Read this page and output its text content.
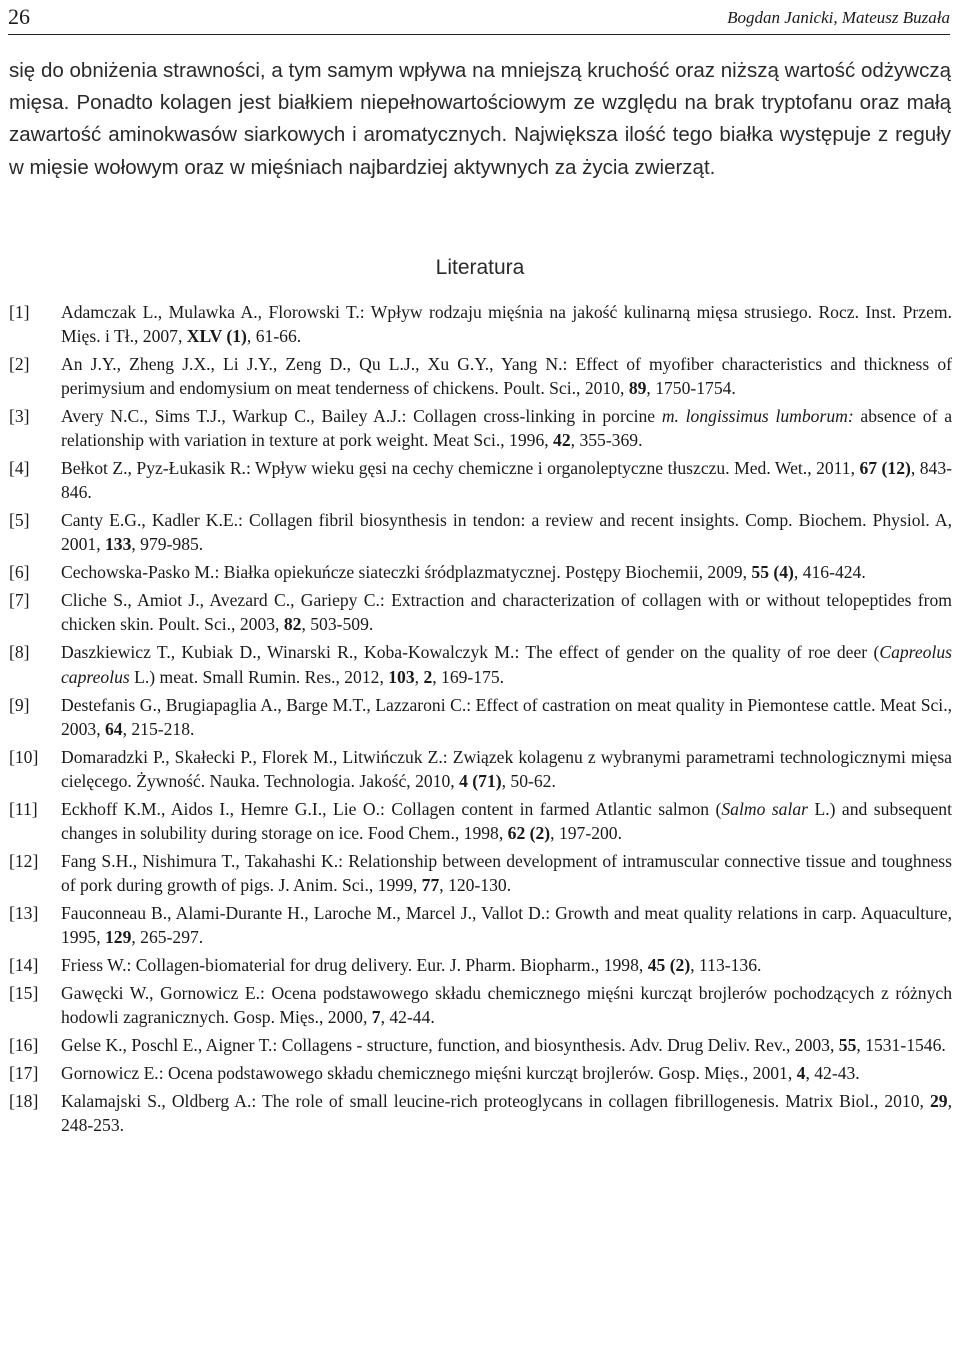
26	Bogdan Janicki, Mateusz Buzała
się do obniżenia strawności, a tym samym wpływa na mniejszą kruchość oraz niższą wartość odżywczą mięsa. Ponadto kolagen jest białkiem niepełnowartościowym ze względu na brak tryptofanu oraz małą zawartość aminokwasów siarkowych i aromatycznych. Największa ilość tego białka występuje z reguły w mięsie wołowym oraz w mięśniach najbardziej aktywnych za życia zwierząt.
Literatura
[1]	Adamczak L., Mulawka A., Florowski T.: Wpływ rodzaju mięśnia na jakość kulinarną mięsa strusiego. Rocz. Inst. Przem. Mięs. i Tł., 2007, XLV (1), 61-66.
[2]	An J.Y., Zheng J.X., Li J.Y., Zeng D., Qu L.J., Xu G.Y., Yang N.: Effect of myofiber characteristics and thickness of perimysium and endomysium on meat tenderness of chickens. Poult. Sci., 2010, 89, 1750-1754.
[3]	Avery N.C., Sims T.J., Warkup C., Bailey A.J.: Collagen cross-linking in porcine m. longissimus lumborum: absence of a relationship with variation in texture at pork weight. Meat Sci., 1996, 42, 355-369.
[4]	Bełkot Z., Pyz-Łukasik R.: Wpływ wieku gęsi na cechy chemiczne i organoleptyczne tłuszczu. Med. Wet., 2011, 67 (12), 843-846.
[5]	Canty E.G., Kadler K.E.: Collagen fibril biosynthesis in tendon: a review and recent insights. Comp. Biochem. Physiol. A, 2001, 133, 979-985.
[6]	Cechowska-Pasko M.: Białka opiekuńcze siateczki śródplazmatycznej. Postępy Biochemii, 2009, 55 (4), 416-424.
[7]	Cliche S., Amiot J., Avezard C., Gariepy C.: Extraction and characterization of collagen with or without telopeptides from chicken skin. Poult. Sci., 2003, 82, 503-509.
[8]	Daszkiewicz T., Kubiak D., Winarski R., Koba-Kowalczyk M.: The effect of gender on the quality of roe deer (Capreolus capreolus L.) meat. Small Rumin. Res., 2012, 103, 2, 169-175.
[9]	Destefanis G., Brugiapaglia A., Barge M.T., Lazzaroni C.: Effect of castration on meat quality in Piemontese cattle. Meat Sci., 2003, 64, 215-218.
[10]	Domaradzki P., Skałecki P., Florek M., Litwińczuk Z.: Związek kolagenu z wybranymi parametrami technologicznymi mięsa cielęcego. Żywność. Nauka. Technologia. Jakość, 2010, 4 (71), 50-62.
[11]	Eckhoff K.M., Aidos I., Hemre G.I., Lie O.: Collagen content in farmed Atlantic salmon (Salmo salar L.) and subsequent changes in solubility during storage on ice. Food Chem., 1998, 62 (2), 197-200.
[12]	Fang S.H., Nishimura T., Takahashi K.: Relationship between development of intramuscular connective tissue and toughness of pork during growth of pigs. J. Anim. Sci., 1999, 77, 120-130.
[13]	Fauconneau B., Alami-Durante H., Laroche M., Marcel J., Vallot D.: Growth and meat quality relations in carp. Aquaculture, 1995, 129, 265-297.
[14]	Friess W.: Collagen-biomaterial for drug delivery. Eur. J. Pharm. Biopharm., 1998, 45 (2), 113-136.
[15]	Gawęcki W., Gornowicz E.: Ocena podstawowego składu chemicznego mięśni kurcząt brojlerów pochodzących z różnych hodowli zagranicznych. Gosp. Mięs., 2000, 7, 42-44.
[16]	Gelse K., Poschl E., Aigner T.: Collagens - structure, function, and biosynthesis. Adv. Drug Deliv. Rev., 2003, 55, 1531-1546.
[17]	Gornowicz E.: Ocena podstawowego składu chemicznego mięśni kurcząt brojlerów. Gosp. Mięs., 2001, 4, 42-43.
[18]	Kalamajski S., Oldberg A.: The role of small leucine-rich proteoglycans in collagen fibrillogenesis. Matrix Biol., 2010, 29, 248-253.
